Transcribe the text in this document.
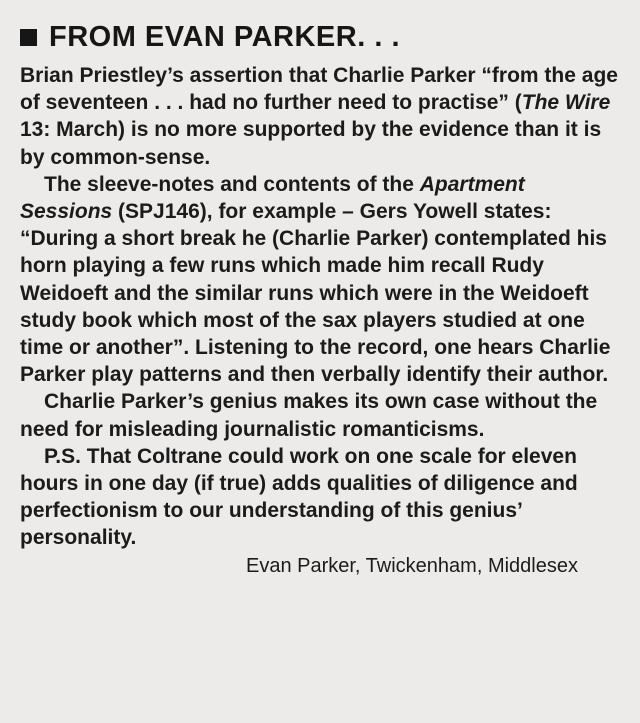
FROM EVAN PARKER. . .

Brian Priestley’s assertion that Charlie Parker “from the age of seventeen . . . had no further need to practise” (The Wire 13: March) is no more supported by the evidence than it is by common-sense.

The sleeve-notes and contents of the Apartment Sessions (SPJ146), for example – Gers Yowell states: “During a short break he (Charlie Parker) contemplated his horn playing a few runs which made him recall Rudy Weidoeft and the similar runs which were in the Weidoeft study book which most of the sax players studied at one time or another”. Listening to the record, one hears Charlie Parker play patterns and then verbally identify their author.

Charlie Parker’s genius makes its own case without the need for misleading journalistic romanticisms.

P.S. That Coltrane could work on one scale for eleven hours in one day (if true) adds qualities of diligence and perfectionism to our understanding of this genius’ personality.

Evan Parker, Twickenham, Middlesex
